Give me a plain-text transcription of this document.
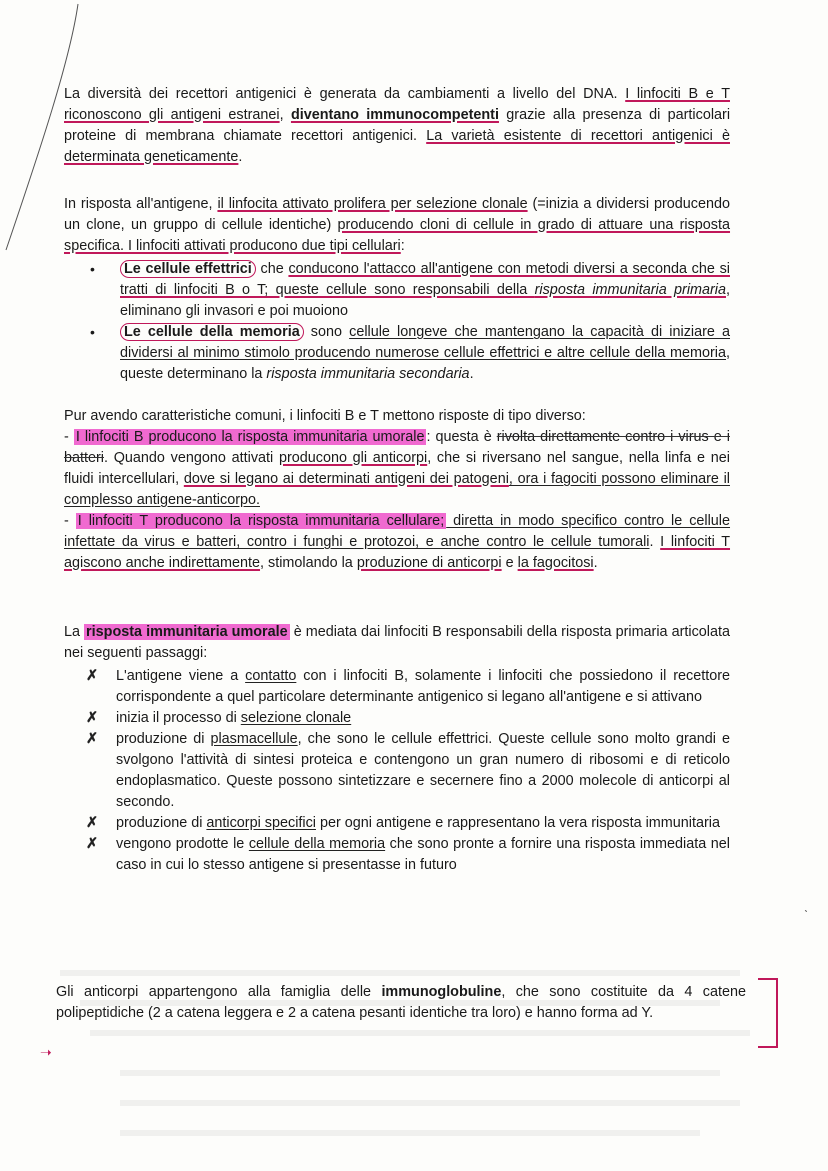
La diversità dei recettori antigenici è generata da cambiamenti a livello del DNA. I linfociti B e T riconoscono gli antigeni estranei, diventano immunocompetenti grazie alla presenza di particolari proteine di membrana chiamate recettori antigenici. La varietà esistente di recettori antigenici è determinata geneticamente.

In risposta all'antigene, il linfocita attivato prolifera per selezione clonale (=inizia a dividersi producendo un clone, un gruppo di cellule identiche) producendo cloni di cellule in grado di attuare una risposta specifica. I linfociti attivati producono due tipi cellulari:

• Le cellule effettrici che conducono l'attacco all'antigene con metodi diversi a seconda che si tratti di linfociti B o T; queste cellule sono responsabili della risposta immunitaria primaria, eliminano gli invasori e poi muoiono
• Le cellule della memoria sono cellule longeve che mantengano la capacità di iniziare a dividersi al minimo stimolo producendo numerose cellule effettrici e altre cellule della memoria, queste determinano la risposta immunitaria secondaria.

Pur avendo caratteristiche comuni, i linfociti B e T mettono risposte di tipo diverso:

- I linfociti B producono la risposta immunitaria umorale : questa è rivolta direttamente contro i virus e i batteri. Quando vengono attivati producono gli anticorpi, che si riversano nel sangue, nella linfa e nei fluidi intercellulari, dove si legano ai determinati antigeni dei patogeni, ora i fagociti possono eliminare il complesso antigene-anticorpo.

- I linfociti T producono la risposta immunitaria cellulare; diretta in modo specifico contro le cellule infettate da virus e batteri, contro i funghi e protozoi, e anche contro le cellule tumorali. I linfociti T agiscono anche indirettamente, stimolando la produzione di anticorpi e la fagocitosi.

La risposta immunitaria umorale è mediata dai linfociti B responsabili della risposta primaria articolata nei seguenti passaggi:

✗ L'antigene viene a contatto con i linfociti B, solamente i linfociti che possiedono il recettore corrispondente a quel particolare determinante antigenico si legano all'antigene e si attivano
✗ inizia il processo di selezione clonale
✗ produzione di plasmacellule, che sono le cellule effettrici. Queste cellule sono molto grandi e svolgono l'attività di sintesi proteica e contengono un gran numero di ribosomi e di reticolo endoplasmatico. Queste possono sintetizzare e secernere fino a 2000 molecole di anticorpi al secondo.
✗ produzione di anticorpi specifici per ogni antigene e rappresentano la vera risposta immunitaria
✗ vengono prodotte le cellule della memoria che sono pronte a fornire una risposta immediata nel caso in cui lo stesso antigene si presentasse in futuro

Gli anticorpi appartengono alla famiglia delle immunoglobuline, che sono costituite da 4 catene polipeptidiche (2 a catena leggera e 2 a catena pesanti identiche tra loro) e hanno forma ad Y.

➝
ˋ
